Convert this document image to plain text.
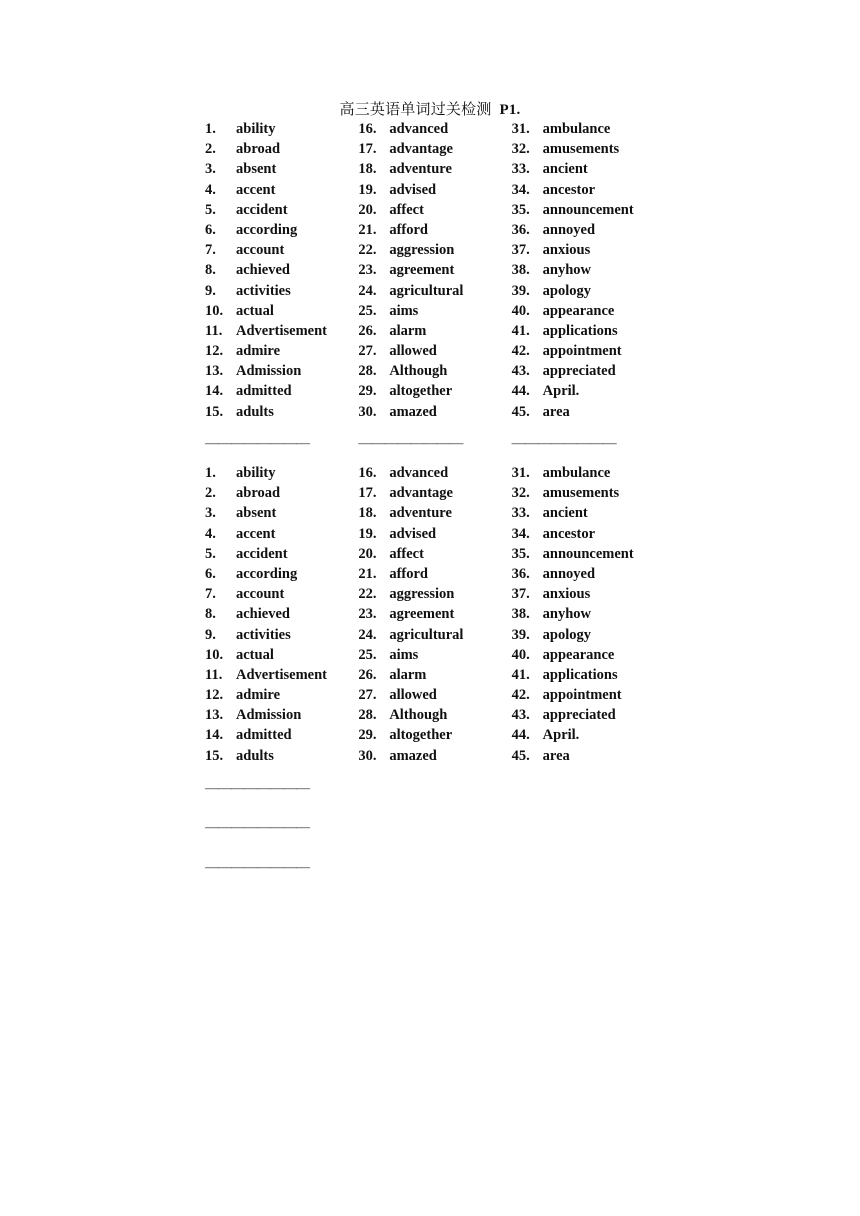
高三英语单词过关检测 P1.
1.	ability
2.	abroad
3.	absent
4.	accent
5.	accident
6.	according
7.	account
8.	achieved
9.	activities
10. actual
11. Advertisement
12. admire
13. Admission
14. admitted
15. adults
16. advanced
17. advantage
18. adventure
19. advised
20. affect
21. afford
22. aggression
23. agreement
24. agricultural
25. aims
26. alarm
27. allowed
28. Although
29. altogether
30. amazed
31. ambulance
32. amusements
33. ancient
34. ancestor
35. announcement
36. annoyed
37. anxious
38. anyhow
39. apology
40. appearance
41. applications
42. appointment
43. appreciated
44. April.
45. area
————————	————————	————————
1.	ability
2.	abroad
3.	absent
4.	accent
5.	accident
6.	according
7.	account
8.	achieved
9.	activities
10. actual
11. Advertisement
12. admire
13. Admission
14. admitted
15. adults
16. advanced
17. advantage
18. adventure
19. advised
20. affect
21. afford
22. aggression
23. agreement
24. agricultural
25. aims
26. alarm
27. allowed
28. Although
29. altogether
30. amazed
31. ambulance
32. amusements
33. ancient
34. ancestor
35. announcement
36. annoyed
37. anxious
38. anyhow
39. apology
40. appearance
41. applications
42. appointment
43. appreciated
44. April.
45. area
————————
————————
————————
